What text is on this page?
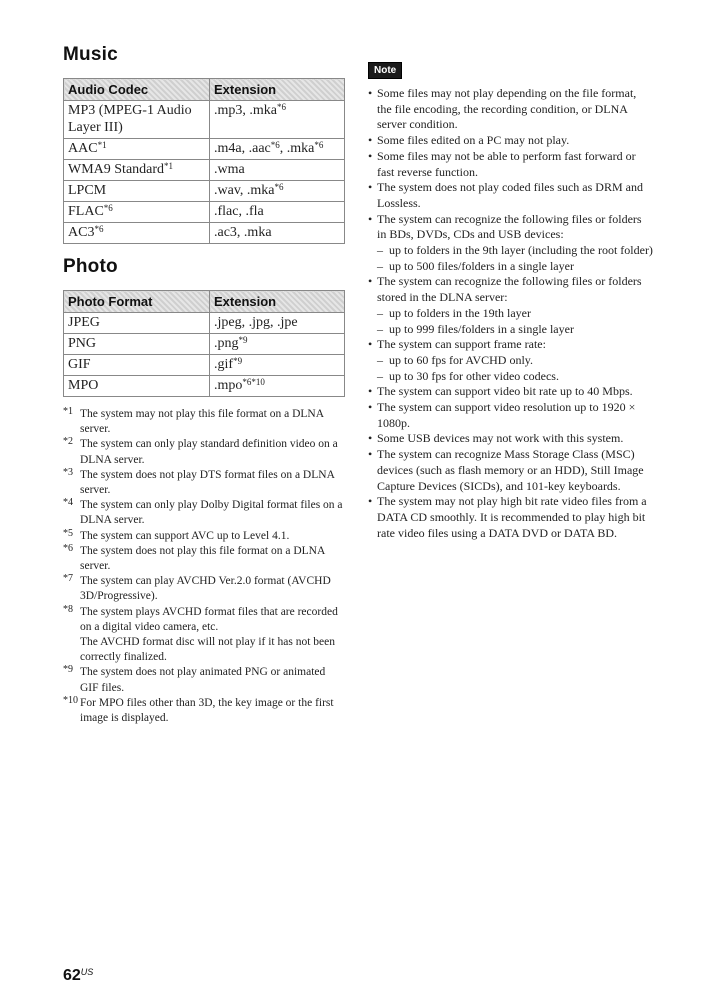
Music
Audio Codec	Extension
MP3 (MPEG-1 Audio Layer III)	.mp3, .mka$^{*6}$
AAC$^{*1}$	.m4a, .aac$^{*6}$, .mka$^{*6}$
WMA9 Standard$^{*1}$	.wma
LPCM	.wav, .mka$^{*6}$
FLAC$^{*6}$	.flac, .fla
AC3$^{*6}$	.ac3, .mka
Photo
Photo Format	Extension
JPEG	.jpeg, .jpg, .jpe
PNG	.png$^{*9}$
GIF	.gif$^{*9}$
MPO	.mpo$^{*6*10}$
*1 The system may not play this file format on a DLNA server.
*2 The system can only play standard definition video on a DLNA server.
*3 The system does not play DTS format files on a DLNA server.
*4 The system can only play Dolby Digital format files on a DLNA server.
*5 The system can support AVC up to Level 4.1.
*6 The system does not play this file format on a DLNA server.
*7 The system can play AVCHD Ver.2.0 format (AVCHD 3D/Progressive).
*8 The system plays AVCHD format files that are recorded on a digital video camera, etc.
The AVCHD format disc will not play if it has not been correctly finalized.
*9 The system does not play animated PNG or animated GIF files.
*10 For MPO files other than 3D, the key image or the first image is displayed.
Note
• Some files may not play depending on the file format, the file encoding, the recording condition, or DLNA server condition.
• Some files edited on a PC may not play.
• Some files may not be able to perform fast forward or fast reverse function.
• The system does not play coded files such as DRM and Lossless.
• The system can recognize the following files or folders in BDs, DVDs, CDs and USB devices:
– up to folders in the 9th layer (including the root folder)
– up to 500 files/folders in a single layer
• The system can recognize the following files or folders stored in the DLNA server:
– up to folders in the 19th layer
– up to 999 files/folders in a single layer
• The system can support frame rate:
– up to 60 fps for AVCHD only.
– up to 30 fps for other video codecs.
• The system can support video bit rate up to 40 Mbps.
• The system can support video resolution up to 1920 × 1080p.
• Some USB devices may not work with this system.
• The system can recognize Mass Storage Class (MSC) devices (such as flash memory or an HDD), Still Image Capture Devices (SICDs), and 101-key keyboards.
• The system may not play high bit rate video files from a DATA CD smoothly. It is recommended to play high bit rate video files using a DATA DVD or DATA BD.
$62^{US}$
